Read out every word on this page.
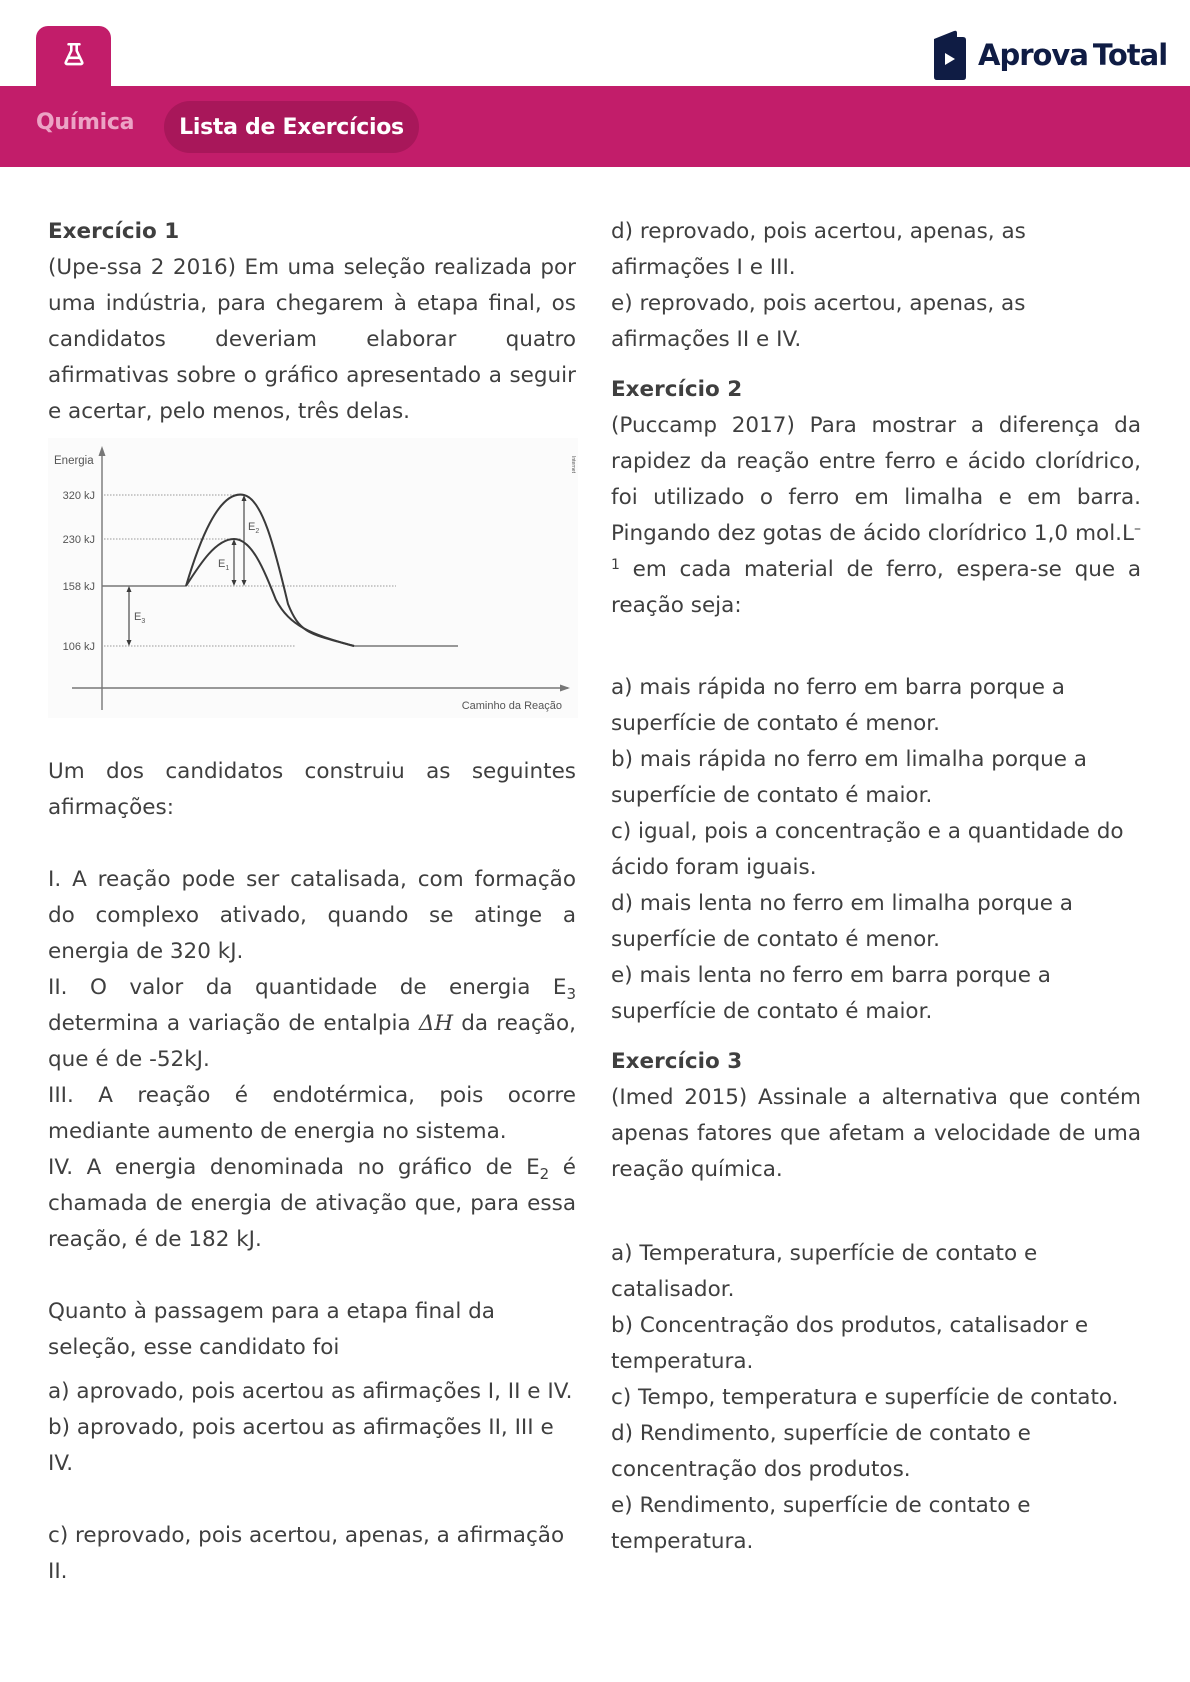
Química	Lista de Exercícios
Aprova Total
Exercício 1
(Upe-ssa 2 2016) Em uma seleção realizada por uma indústria, para chegarem à etapa final, os candidatos deveriam elaborar quatro afirmativas sobre o gráfico apresentado a seguir e acertar, pelo menos, três delas.
Energia
Caminho da Reação
Internet
320 kJ
230 kJ
158 kJ
106 kJ
$E_1$
$E_2$
$E_3$
Um dos candidatos construiu as seguintes afirmações:
I. A reação pode ser catalisada, com formação do complexo ativado, quando se atinge a energia de 320 kJ.
II. O valor da quantidade de energia $E_3$ determina a variação de entalpia ΔH da reação, que é de -52kJ.
III. A reação é endotérmica, pois ocorre mediante aumento de energia no sistema.
IV. A energia denominada no gráfico de $E_2$ é chamada de energia de ativação que, para essa reação, é de 182 kJ.
Quanto à passagem para a etapa final da seleção, esse candidato foi
a) aprovado, pois acertou as afirmações I, II e IV.
b) aprovado, pois acertou as afirmações II, III e IV.
c) reprovado, pois acertou, apenas, a afirmação II.
d) reprovado, pois acertou, apenas, as afirmações I e III.
e) reprovado, pois acertou, apenas, as afirmações II e IV.
Exercício 2
(Puccamp 2017) Para mostrar a diferença da rapidez da reação entre ferro e ácido clorídrico, foi utilizado o ferro em limalha e em barra. Pingando dez gotas de ácido clorídrico 1,0 $mol.L^{-1}$ em cada material de ferro, espera-se que a reação seja:
a) mais rápida no ferro em barra porque a superfície de contato é menor.
b) mais rápida no ferro em limalha porque a superfície de contato é maior.
c) igual, pois a concentração e a quantidade do ácido foram iguais.
d) mais lenta no ferro em limalha porque a superfície de contato é menor.
e) mais lenta no ferro em barra porque a superfície de contato é maior.
Exercício 3
(Imed 2015) Assinale a alternativa que contém apenas fatores que afetam a velocidade de uma reação química.
a) Temperatura, superfície de contato e catalisador.
b) Concentração dos produtos, catalisador e temperatura.
c) Tempo, temperatura e superfície de contato.
d) Rendimento, superfície de contato e concentração dos produtos.
e) Rendimento, superfície de contato e temperatura.
